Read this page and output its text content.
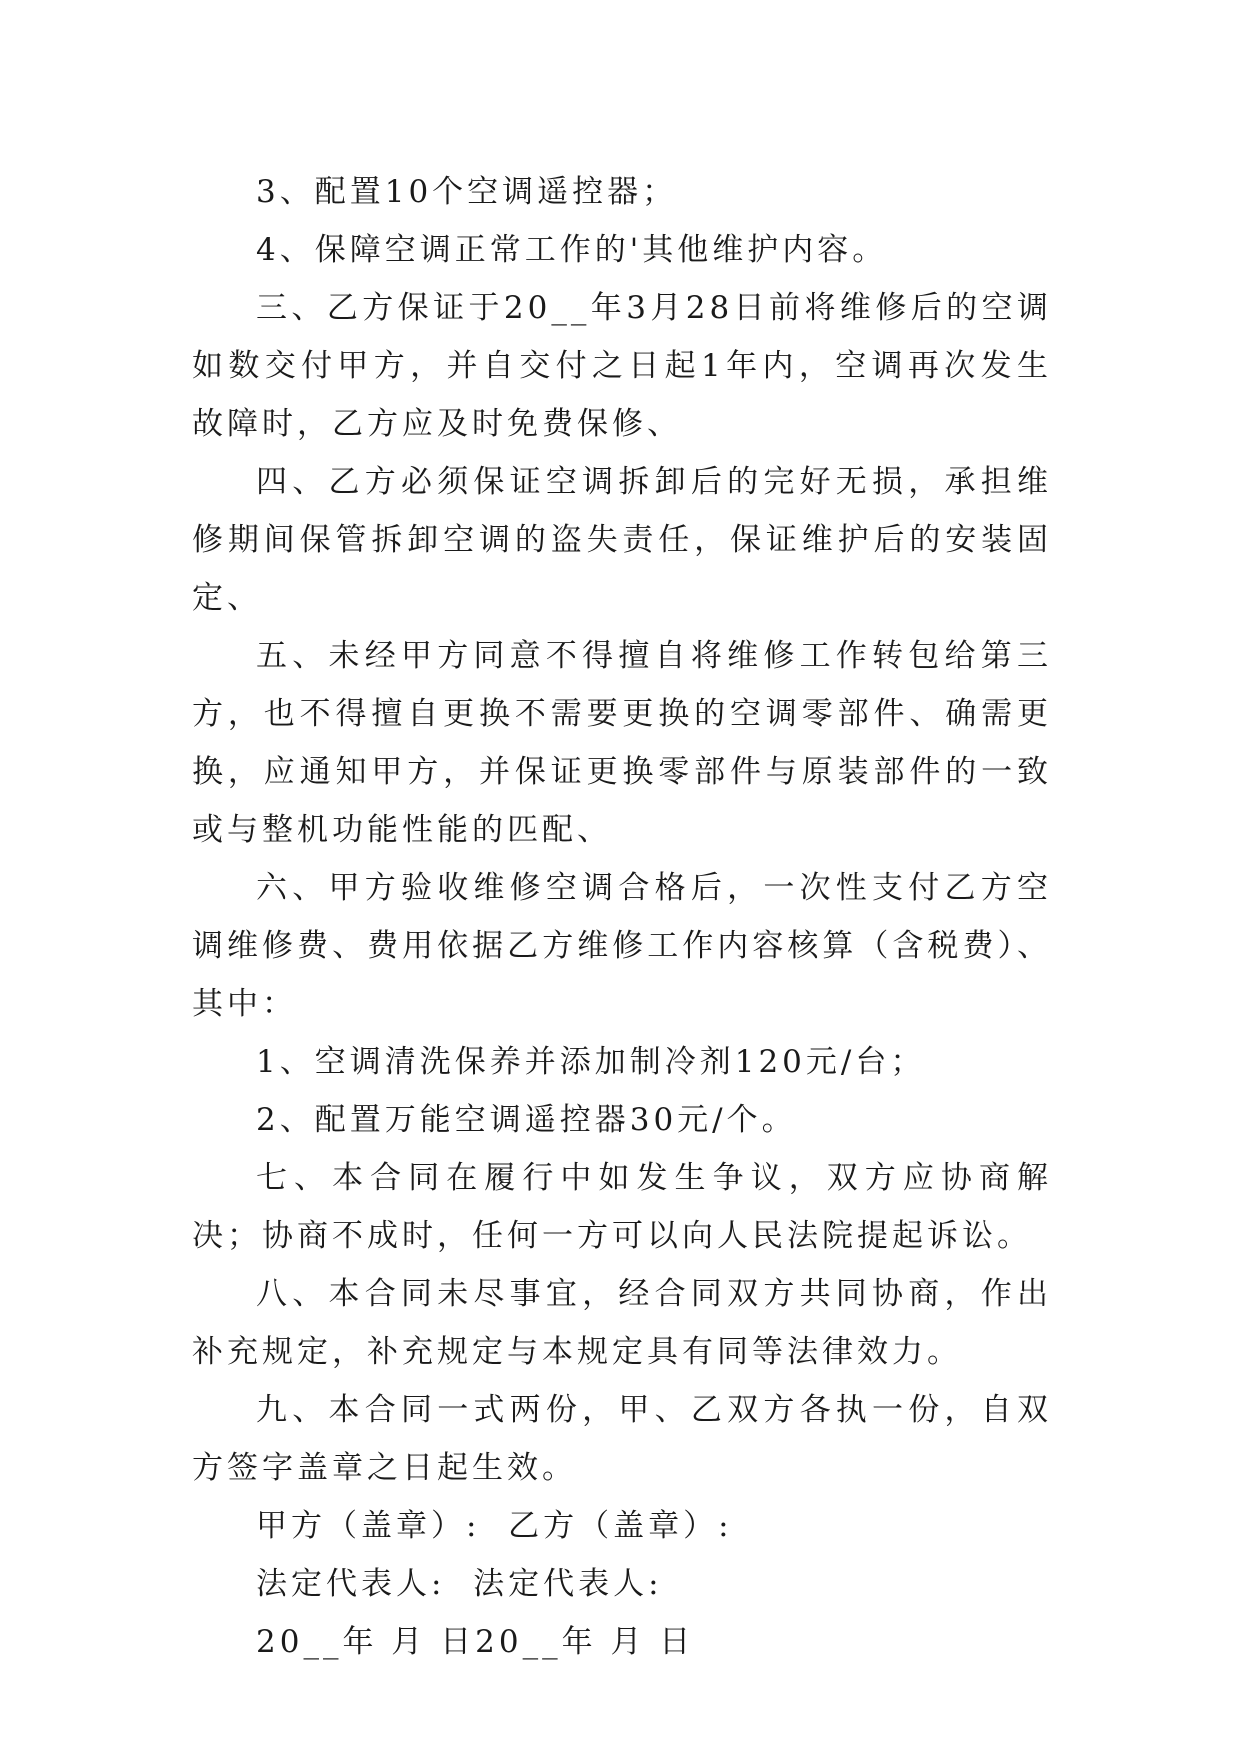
3、配置10个空调遥控器；

4、保障空调正常工作的'其他维护内容。

三、乙方保证于20__年3月28日前将维修后的空调如数交付甲方，并自交付之日起1年内，空调再次发生故障时，乙方应及时免费保修、

四、乙方必须保证空调拆卸后的完好无损，承担维修期间保管拆卸空调的盗失责任，保证维护后的安装固定、

五、未经甲方同意不得擅自将维修工作转包给第三方，也不得擅自更换不需要更换的空调零部件、确需更换，应通知甲方，并保证更换零部件与原装部件的一致或与整机功能性能的匹配、

六、甲方验收维修空调合格后，一次性支付乙方空调维修费、费用依据乙方维修工作内容核算（含税费）、其中：

1、空调清洗保养并添加制冷剂120元/台；

2、配置万能空调遥控器30元/个。

七、本合同在履行中如发生争议，双方应协商解决；协商不成时，任何一方可以向人民法院提起诉讼。

八、本合同未尽事宜，经合同双方共同协商，作出补充规定，补充规定与本规定具有同等法律效力。

九、本合同一式两份，甲、乙双方各执一份，自双方签字盖章之日起生效。

甲方（盖章）: 乙方（盖章）:
法定代表人: 法定代表人:
20__年 月 日20__年 月 日
